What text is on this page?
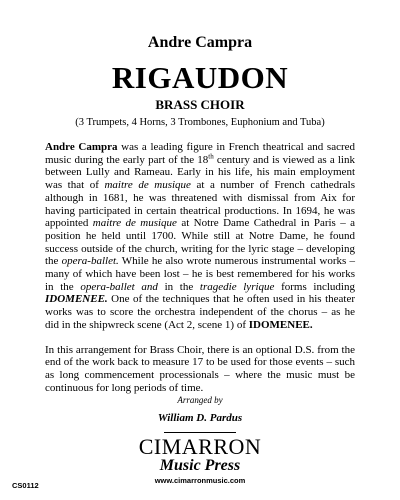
Andre Campra
RIGAUDON
BRASS CHOIR
(3 Trumpets, 4 Horns, 3 Trombones, Euphonium and Tuba)

Andre Campra was a leading figure in French theatrical and sacred music during the early part of the 18th century and is viewed as a link between Lully and Rameau. Early in his life, his main employment was that of maitre de musique at a number of French cathedrals although in 1681, he was threatened with dismissal from Aix for having participated in certain theatrical productions. In 1694, he was appointed maitre de musique at Notre Dame Cathedral in Paris – a position he held until 1700. While still at Notre Dame, he found success outside of the church, writing for the lyric stage – developing the opera-ballet. While he also wrote numerous instrumental works – many of which have been lost – he is best remembered for his works in the opera-ballet and in the tragedie lyrique forms including IDOMENEE. One of the techniques that he often used in his theater works was to score the orchestra independent of the chorus – as he did in the shipwreck scene (Act 2, scene 1) of IDOMENEE.

In this arrangement for Brass Choir, there is an optional D.S. from the end of the work back to measure 17 to be used for those events – such as long commencement processionals – where the music must be continuous for long periods of time.

Arranged by
William D. Pardus
CIMARRON
Music Press
www.cimarronmusic.com
CS0112
